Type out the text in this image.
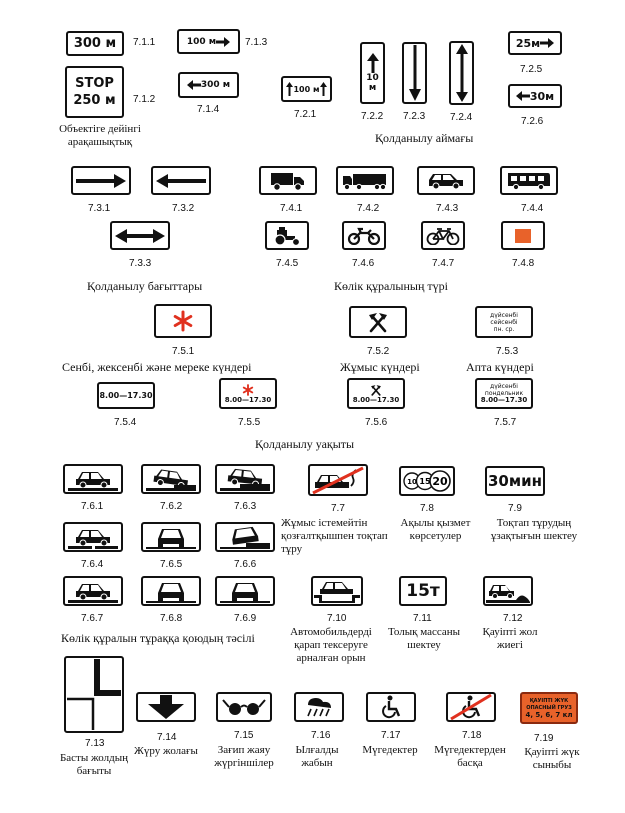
300 м 7.1.1	100 м	7.1.3
STOP
250 м 7.1.2
Объектіге дейінгі арақашықтық
300 м
7.1.4
100 м
7.2.1
10 м
7.2.2 7.2.3 7.2.4
Қолданылу аймағы
25м
7.2.5
30м
7.2.6
7.3.1	7.3.2
7.3.3
Қолданылу бағыттары
7.4.1	7.4.2	7.4.3	7.4.4
7.4.5	7.4.6	7.4.7	7.4.8
Көлік құралының түрі
7.5.1
Сенбі, жексенбі және мереке күндері
7.5.2
Жұмыс күндері
дүйсенбі
сейсенбі
пн. ср.
7.5.3
Апта күндері
8.00—17.30
7.5.4
8.00—17.30
7.5.5
8.00—17.30
7.5.6
дүйсенбі
пондельник
8.00—17.30
7.5.7
Қолданылу уақыты
7.6.1	7.6.2	7.6.3
7.6.4	7.6.5	7.6.6
7.6.7	7.6.8	7.6.9
Көлік құралын тұраққа қоюдың тәсілі
7.7
Жұмыс істемейтін қозғалтқышпен тоқтап тұру
10 15 20
7.8
Ақылы қызмет көрсетулер
30мин
7.9
Тоқтап тұрудың ұзақтығын шектеу
7.10
Автомобильдерді қарап тексеруге арналған орын
15т
7.11
Толық массаны шектеу
7.12
Қауіпті жол жиегі
7.13
Басты жолдың бағыты
7.14
Жүру жолағы
7.15
Зағип жаяу жүргіншілер
7.16
Ылғалды жабын
7.17
Мүгедектер
7.18
Мүгедектерден басқа
ҚАУІПТІ ЖҮК
ОПАСНЫЙ ГРУЗ
4, 5, 6, 7 кл
7.19
Қауіпті жүк сыныбы
